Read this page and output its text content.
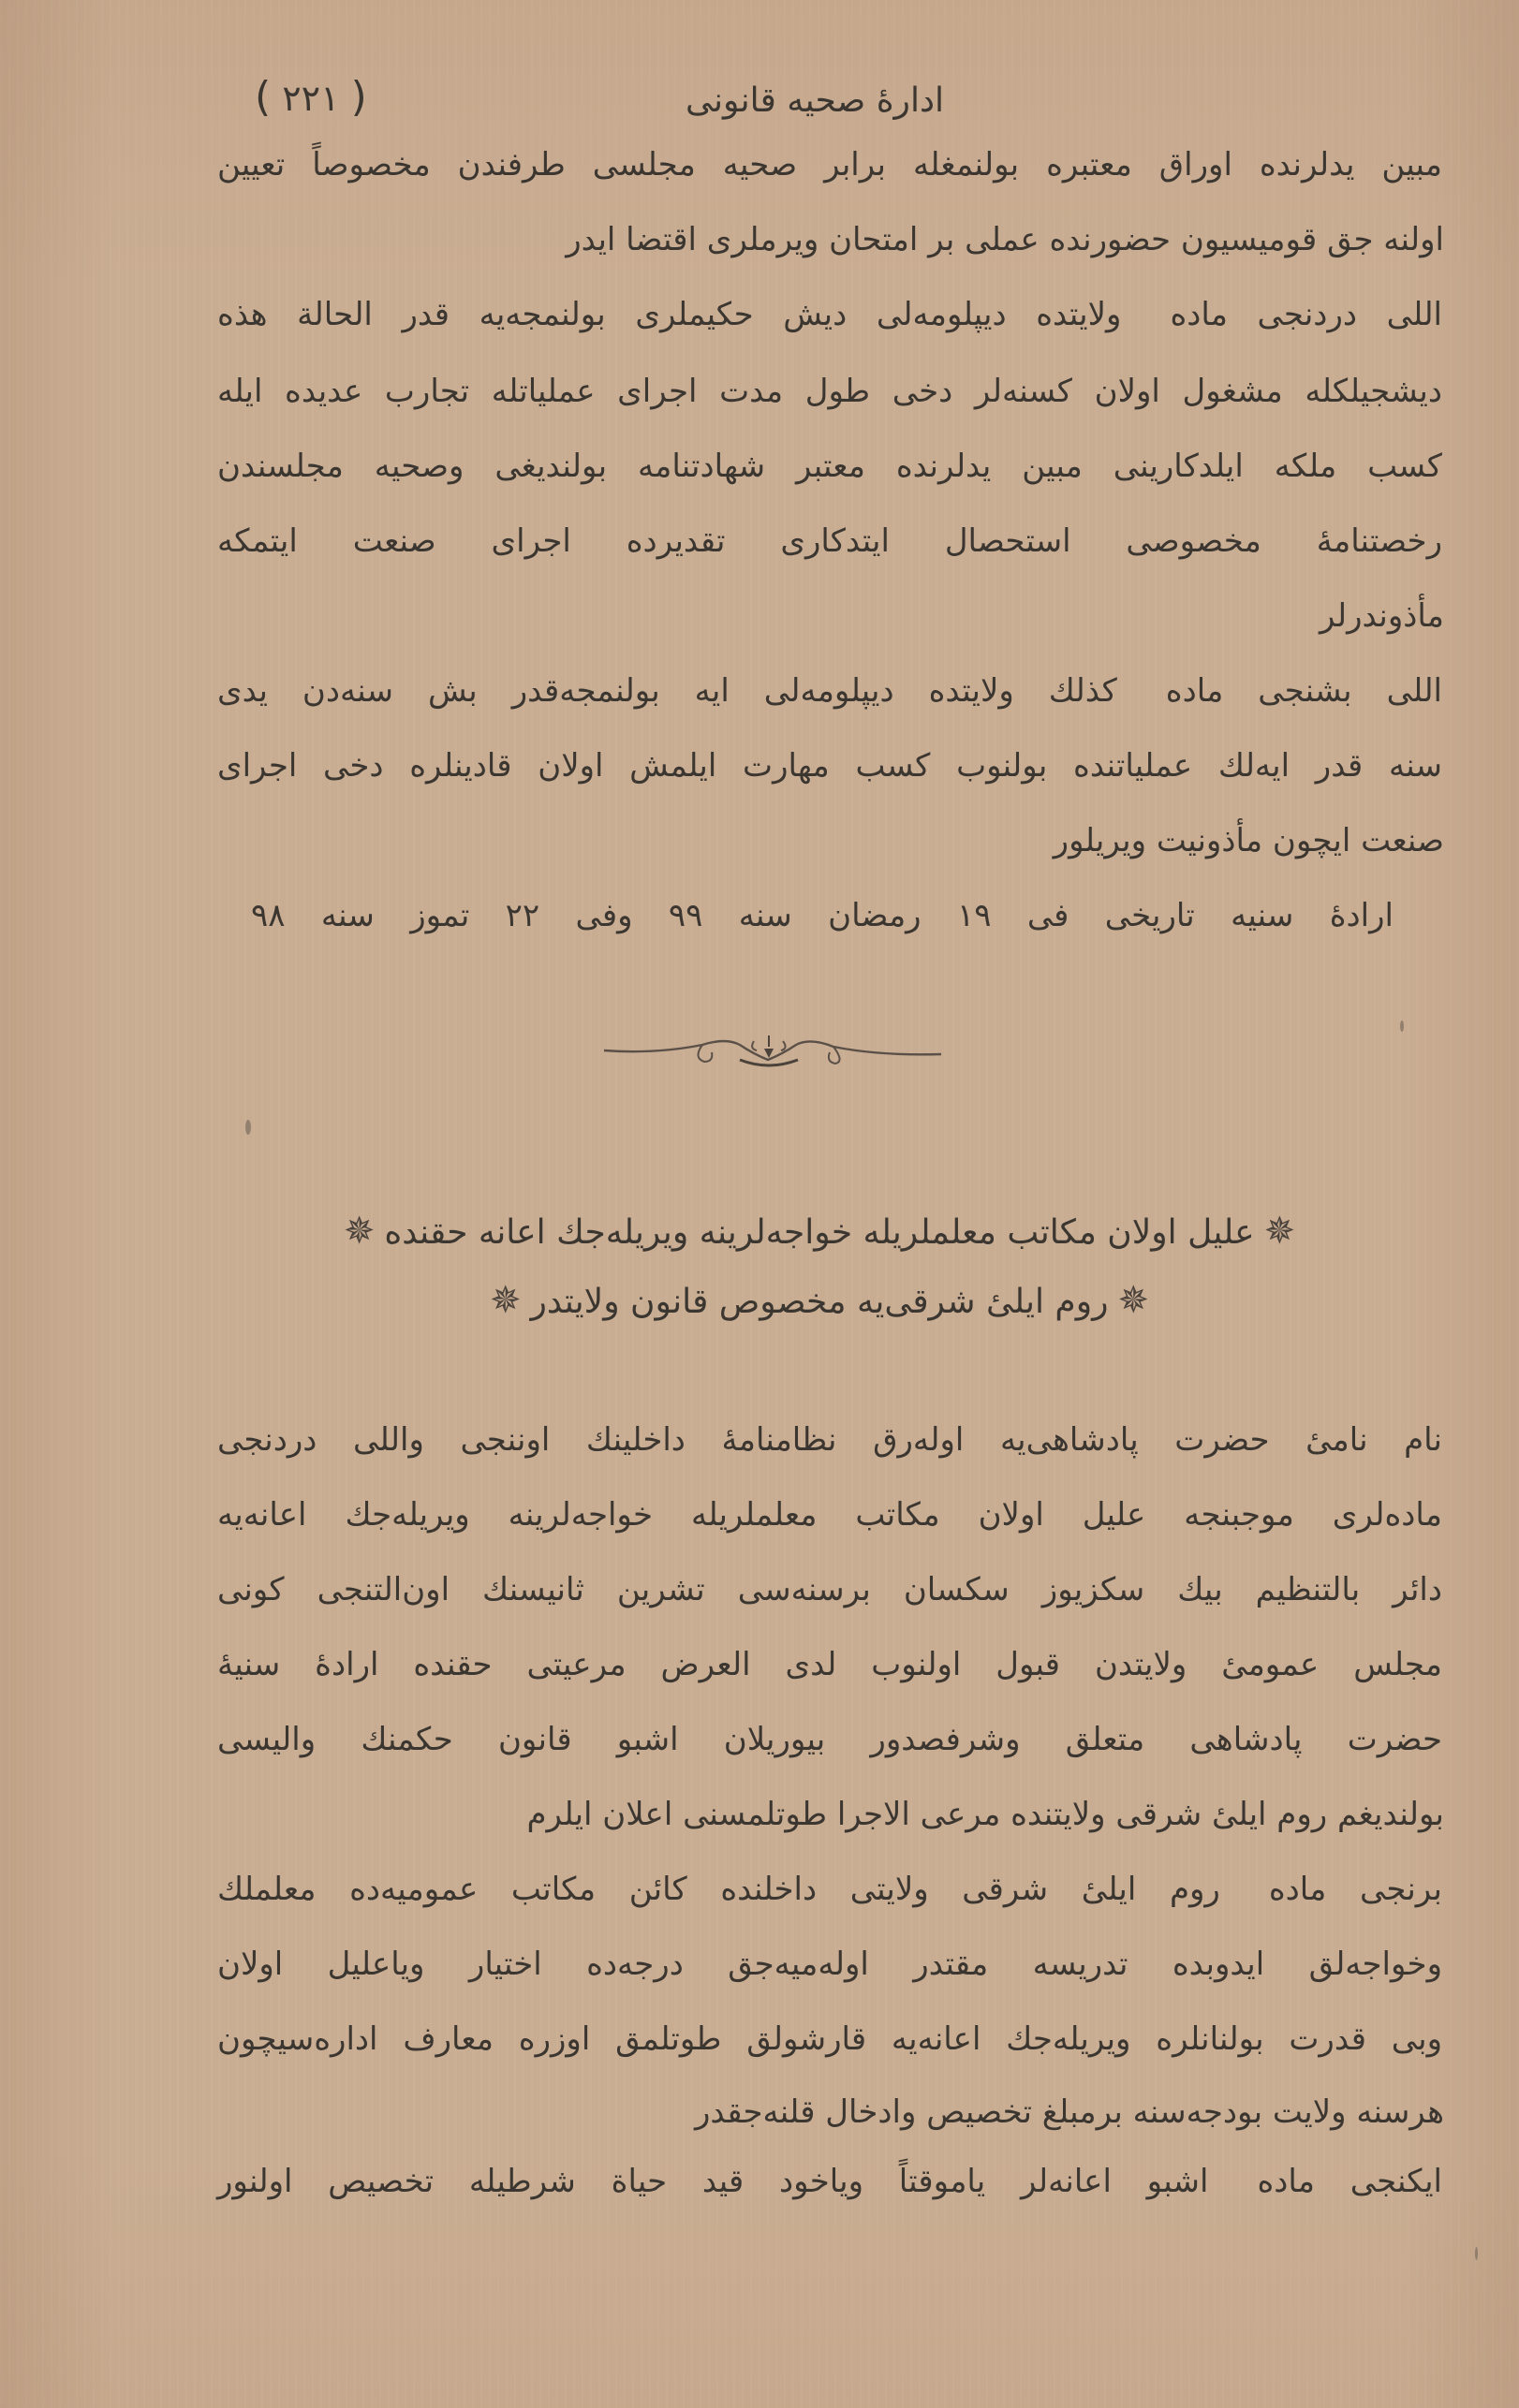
( ٢٢١ )	ادارهٔ صحیه قانونی
مبین یدلرنده اوراق معتبره بولنمغله برابر صحیه مجلسی طرفندن مخصوصاً تعیین
اولنه جق قومیسیون حضورنده عملی بر امتحان ویرملری اقتضا ایدر
اللی دردنجی مادهولایتده دیپلومه‌لی دیش حکیملری بولنمجه‌یه قدر الحالة هذه
دیشجیلکله مشغول اولان کسنه‌لر دخی طول مدت اجرای عملیاتله تجارب عدیده ایله
کسب ملکه ایلدکارینی مبین یدلرنده معتبر شهادتنامه بولندیغی وصحیه مجلسندن
رخصتنامهٔ مخصوصی استحصال ایتدکاری تقدیرده اجرای صنعت ایتمکه
مأذوندرلر
اللی بشنجی مادهکذلك ولایتده دیپلومه‌لی ایه بولنمجه‌قدر بش سنه‌دن یدی
سنه قدر ایه‌لك عملیاتنده بولنوب کسب مهارت ایلمش اولان قادینلره دخی اجرای
صنعت ایچون مأذونیت ویریلور
ارادهٔ سنیه تاریخی فی ١٩ رمضان سنه ٩٩ وفی ٢٢ تموز سنه ٩٨
✵علیل اولان مکاتب معلملریله خواجه‌لرینه ویریله‌جك اعانه حقنده✵
✵روم ایلیٔ شرقی‌یه مخصوص قانون ولایتدر✵
نام نامیٔ حضرت پادشاهی‌یه اوله‌رق نظامنامهٔ داخلینك اوننجی واللی دردنجی
ماده‌لری موجبنجه علیل اولان مکاتب معلملریله خواجه‌لرینه ویریله‌جك اعانه‌یه
دائر بالتنظیم بیك سکزیوز سکسان برسنه‌سی تشرین ثانیسنك اون‌التنجی کونی
مجلس عمومیٔ ولایتدن قبول اولنوب لدی العرض مرعیتی حقنده ارادهٔ سنیهٔ
حضرت پادشاهی متعلق وشرفصدور بیوریلان اشبو قانون حکمنك والیسی
بولندیغم روم ایلیٔ شرقی ولایتنده مرعی الاجرا طوتلمسنی اعلان ایلرم
برنجی مادهروم ایلیٔ شرقی ولایتی داخلنده کائن مکاتب عمومیه‌ده معلملك
وخواجه‌لق ایدوبده تدریسه مقتدر اوله‌میه‌جق درجه‌ده اختیار ویاعلیل اولان
وبی قدرت بولنانلره ویریله‌جك اعانه‌یه قارشولق طوتلمق اوزره معارف اداره‌سیچون
هرسنه ولایت بودجه‌سنه برمبلغ تخصیص وادخال قلنه‌جقدر
ایکنجی مادهاشبو اعانه‌لر یاموقتاً ویاخود قید حیاة شرطیله تخصیص اولنور
